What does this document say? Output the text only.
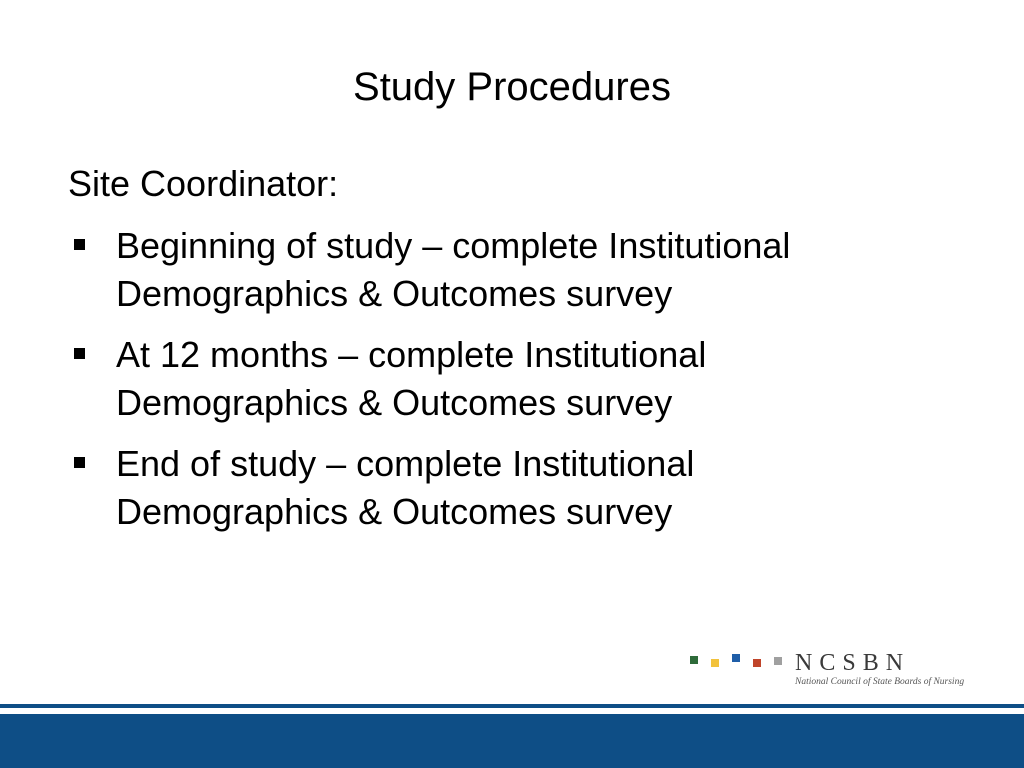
Study Procedures
Site Coordinator:
Beginning of study – complete Institutional Demographics & Outcomes survey
At 12 months – complete Institutional Demographics & Outcomes survey
End of study – complete Institutional Demographics & Outcomes survey
NCSBN
National Council of State Boards of Nursing
